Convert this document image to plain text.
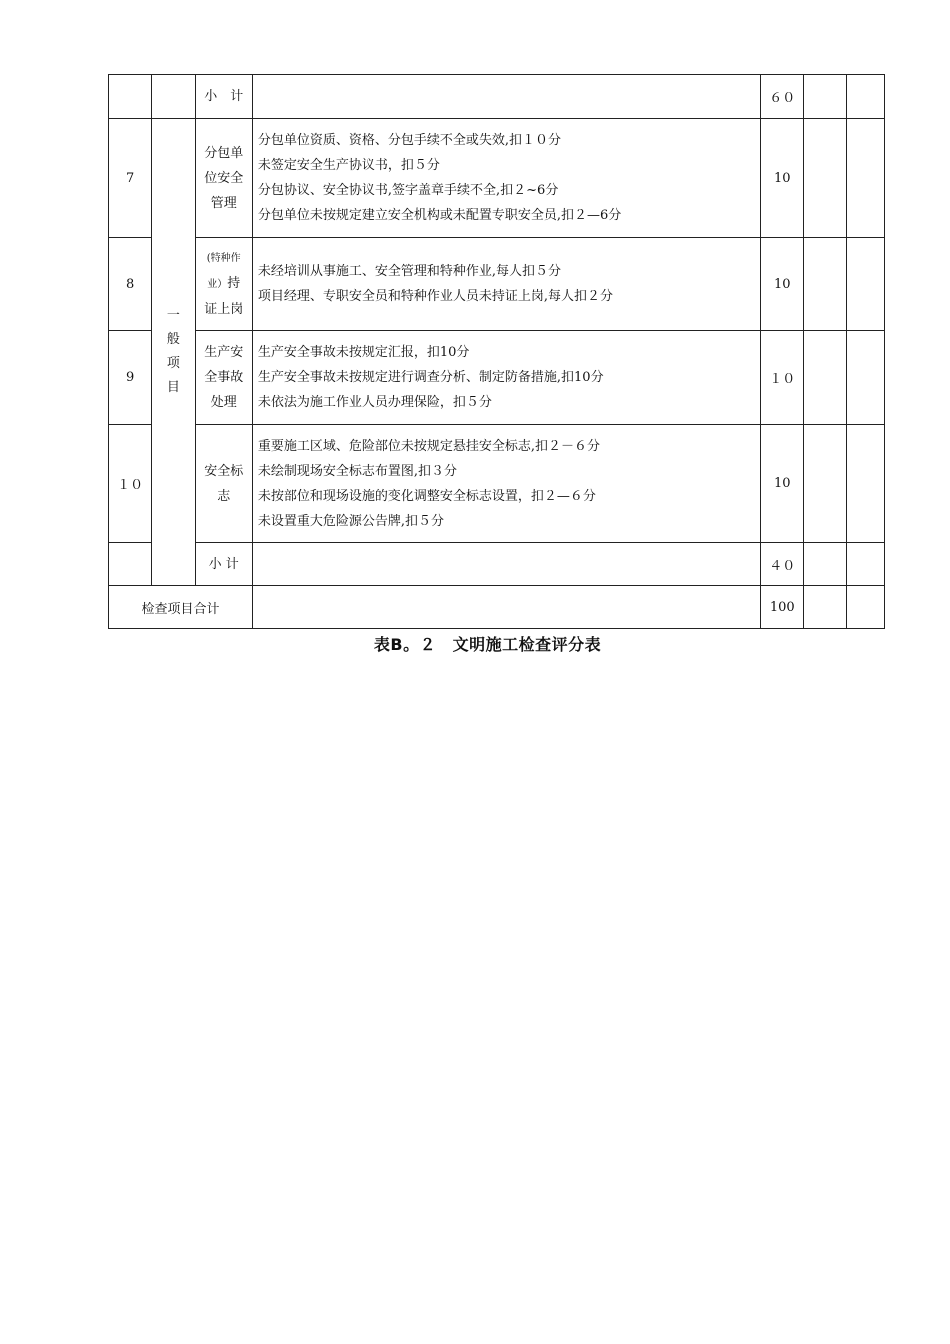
		小　计		６０		
7	一
般
项
目	分包单
位安全
管理	分包单位资质、资格、分包手续不全或失效,扣１０分
未签定安全生产协议书，扣５分
分包协议、安全协议书,签字盖章手续不全,扣２~6分
分包单位未按规定建立安全机构或未配置专职安全员,扣２—6分	10		
8		(特种作
业）持
证上岗	未经培训从事施工、安全管理和特种作业,每人扣５分
项目经理、专职安全员和特种作业人员未持证上岗,每人扣２分	10		
9		生产安
全事故
处理	生产安全事故未按规定汇报，扣10分
生产安全事故未按规定进行调查分析、制定防备措施,扣10分
未依法为施工作业人员办理保险，扣５分	１０		
１０		安全标
志	重要施工区域、危险部位未按规定悬挂安全标志,扣２－６分
未绘制现场安全标志布置图,扣３分
未按部位和现场设施的变化调整安全标志设置，扣２—６分
未设置重大危险源公告牌,扣５分	10		
		小 计		４０		
检查项目合计				100		
表B。２　文明施工检查评分表
